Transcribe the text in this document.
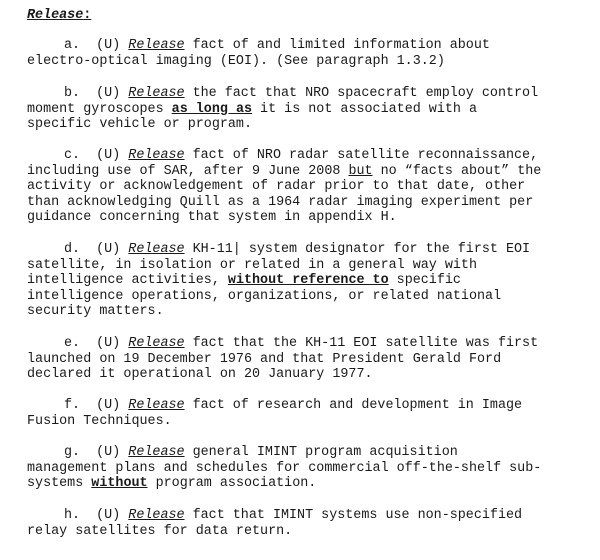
Release:

a.  (U) Release fact of and limited information about
electro-optical imaging (EOI). (See paragraph 1.3.2)
b.  (U) Release the fact that NRO spacecraft employ control
moment gyroscopes as long as it is not associated with a
specific vehicle or program.
c.  (U) Release fact of NRO radar satellite reconnaissance,
including use of SAR, after 9 June 2008 but no “facts about” the
activity or acknowledgement of radar prior to that date, other
than acknowledging Quill as a 1964 radar imaging experiment per
guidance concerning that system in appendix H.
d.  (U) Release KH-11| system designator for the first EOI
satellite, in isolation or related in a general way with
intelligence activities, without reference to specific
intelligence operations, organizations, or related national
security matters.
e.  (U) Release fact that the KH-11 EOI satellite was first
launched on 19 December 1976 and that President Gerald Ford
declared it operational on 20 January 1977.
f.  (U) Release fact of research and development in Image
Fusion Techniques.
g.  (U) Release general IMINT program acquisition
management plans and schedules for commercial off-the-shelf sub-
systems without program association.
h.  (U) Release fact that IMINT systems use non-specified
relay satellites for data return.
